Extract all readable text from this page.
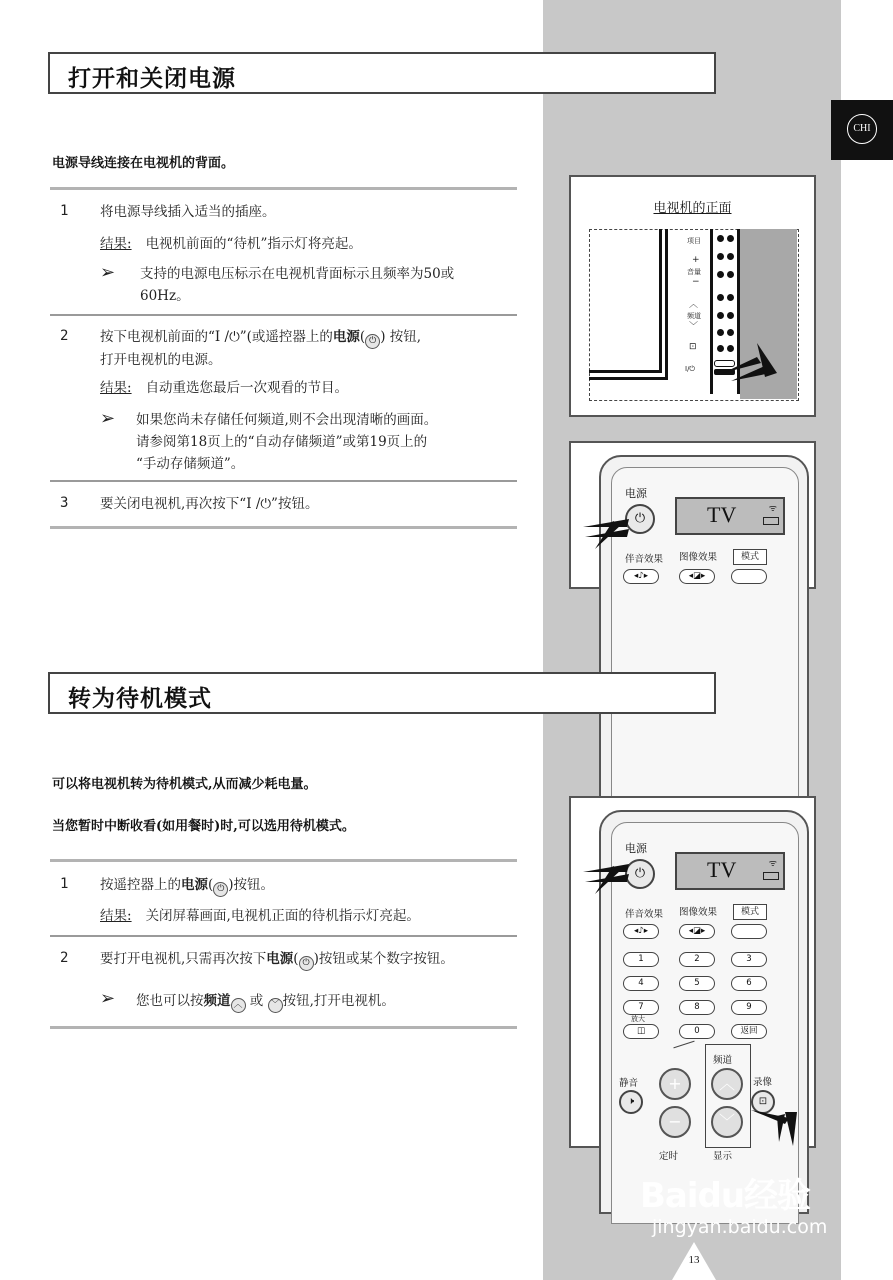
CHI
打开和关闭电源
电源导线连接在电视机的背面。
1 将电源导线插入适当的插座。
结果: 电视机前面的“待机”指示灯将亮起。
➢ 支持的电源电压标示在电视机背面标示且频率为50或
60Hz。
2 按下电视机前面的“Ⅰ /⏻”(或遥控器上的电源( ⏻ ) 按钮,
打开电视机的电源。
结果: 自动重选您最后一次观看的节目。
➢ 如果您尚未存储任何频道,则不会出现清晰的画面。
请参阅第18页上的“自动存储频道”或第19页上的
“手动存储频道”。
3 要关闭电视机,再次按下“Ⅰ /⏻”按钮。
电视机的正面
项目
+
音量
−
︿
频道
﹀
⊡
Ⅰ/⏻
电源
⏻	TV	ᯤ
伴音效果 图像效果	模式
◂♪▸	◂◪▸
转为待机模式
可以将电视机转为待机模式,从而减少耗电量。
当您暂时中断收看(如用餐时)时,可以选用待机模式。
1 按遥控器上的电源( ⏻ )按钮。
结果: 关闭屏幕画面,电视机正面的待机指示灯亮起。
2 要打开电视机,只需再次按下电源( ⏻ )按钮或某个数字按钮。
➢ 您也可以按频道 ︿ 或 ﹀ 按钮,打开电视机。
电源
⏻	TV	ᯤ
伴音效果 图像效果	模式
◂♪▸	◂◪▸
1	2	3
4	5	6
7	8	9
放大
◫	0	返回
频道
静音	录像
+
−
︿
﹀
🕨	⊡
定时	显示
Baidu经验
jingyan.baidu.com
13
